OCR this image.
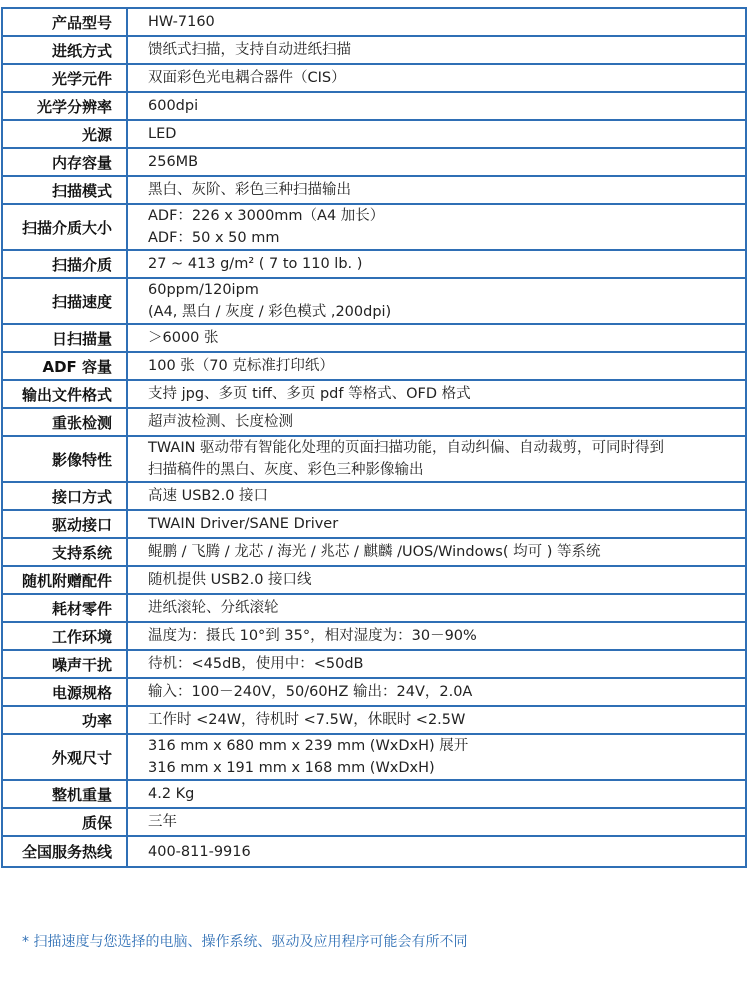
产品型号	HW-7160

进纸方式	馈纸式扫描，支持自动进纸扫描

光学元件	双面彩色光电耦合器件（CIS）

光学分辨率	600dpi

光源	LED

内存容量	256MB

扫描模式	黑白、灰阶、彩色三种扫描输出

扫描介质大小	ADF：226 x 3000mm（A4 加长）
ADF：50 x 50 mm

扫描介质	27 ~ 413 g/m² ( 7 to 110 lb. )

扫描速度	60ppm/120ipm
(A4, 黑白 / 灰度 / 彩色模式 ,200dpi)

日扫描量	＞6000 张

ADF 容量	100 张（70 克标准打印纸）

输出文件格式	支持 jpg、多页 tiff、多页 pdf 等格式、OFD 格式

重张检测	超声波检测、长度检测

影像特性	TWAIN 驱动带有智能化处理的页面扫描功能，自动纠偏、自动裁剪，可同时得到
扫描稿件的黑白、灰度、彩色三种影像输出

接口方式	高速 USB2.0 接口

驱动接口	TWAIN Driver/SANE Driver

支持系统	鲲鹏 / 飞腾 / 龙芯 / 海光 / 兆芯 / 麒麟 /UOS/Windows( 均可 ) 等系统

随机附赠配件	随机提供 USB2.0 接口线

耗材零件	进纸滚轮、分纸滚轮

工作环境	温度为：摄氏 10°到 35°，相对湿度为：30－90%

噪声干扰	待机：<45dB，使用中：<50dB

电源规格	输入：100－240V，50/60HZ 输出：24V，2.0A

功率	工作时 <24W，待机时 <7.5W，休眠时 <2.5W

外观尺寸	316 mm x 680 mm x 239 mm (WxDxH) 展开
316 mm x 191 mm x 168 mm (WxDxH)

整机重量	4.2 Kg

质保	三年

全国服务热线	400-811-9916
* 扫描速度与您选择的电脑、操作系统、驱动及应用程序可能会有所不同
